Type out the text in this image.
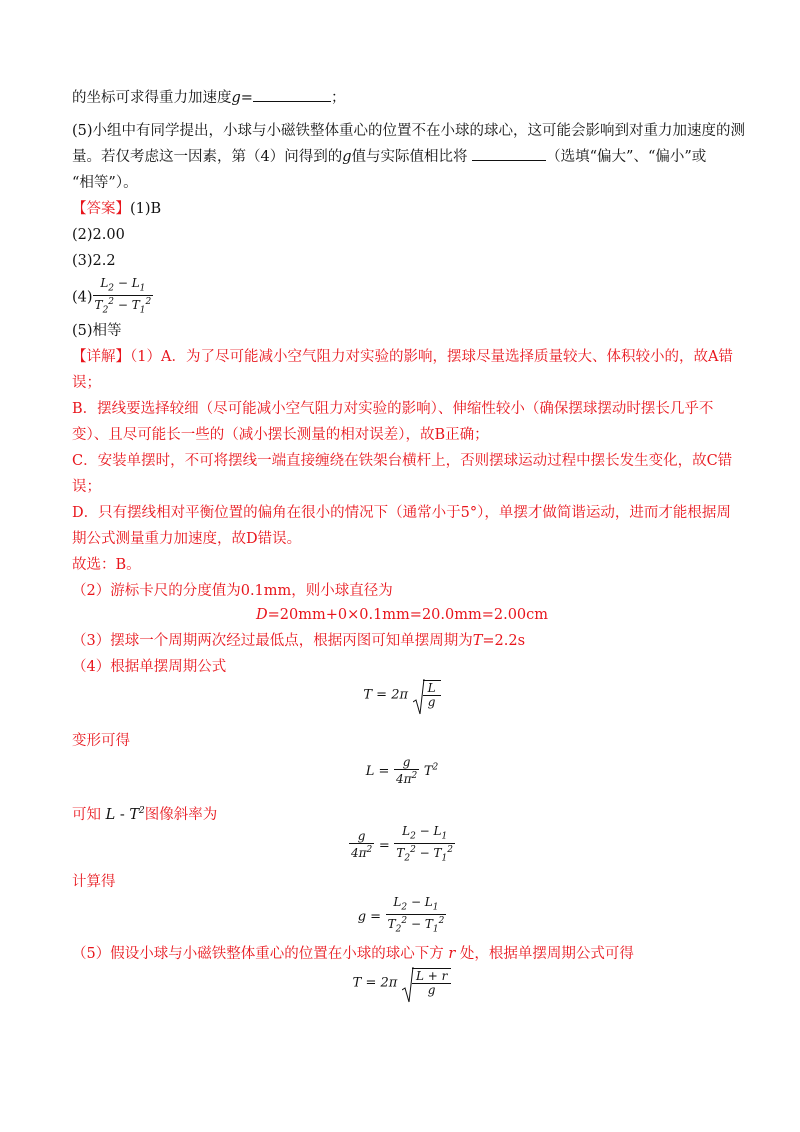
的坐标可求得重力加速度g=	；
(5)小组中有同学提出，小球与小磁铁整体重心的位置不在小球的球心，这可能会影响到对重力加速度的测
量。若仅考虑这一因素，第（4）问得到的g值与实际值相比将	（选填“偏大”、“偏小”或
“相等”）。
【答案】(1)B
(2)2.00
(3)2.2
$(4) \frac{L_2 - L_1}{T_2^2 - T_1^2}$
(5)相等
【详解】（1）A．为了尽可能减小空气阻力对实验的影响，摆球尽量选择质量较大、体积较小的，故A错
误；
B．摆线要选择较细（尽可能减小空气阻力对实验的影响）、伸缩性较小（确保摆球摆动时摆长几乎不
变）、且尽可能长一些的（减小摆长测量的相对误差），故B正确；
C．安装单摆时，不可将摆线一端直接缠绕在铁架台横杆上，否则摆球运动过程中摆长发生变化，故C错
误；
D．只有摆线相对平衡位置的偏角在很小的情况下（通常小于5°），单摆才做简谐运动，进而才能根据周
期公式测量重力加速度，故D错误。
故选：B。
（2）游标卡尺的分度值为0.1mm，则小球直径为
D=20mm+0×0.1mm=20.0mm=2.00cm
（3）摆球一个周期两次经过最低点，根据丙图可知单摆周期为T=2.2s
（4）根据单摆周期公式
$T = 2\pi \frac{L}{g}$
变形可得
$L = \frac{g}{4\pi^2} T^2$
可知 L - $T^2$图像斜率为
$\frac{g}{4\pi^2} = \frac{L_2 - L_1}{T_2^2 - T_1^2}$
计算得
$g = \frac{L_2 - L_1}{T_2^2 - T_1^2}$
（5）假设小球与小磁铁整体重心的位置在小球的球心下方 r 处，根据单摆周期公式可得
$T = 2\pi \frac{L + r}{g}$
